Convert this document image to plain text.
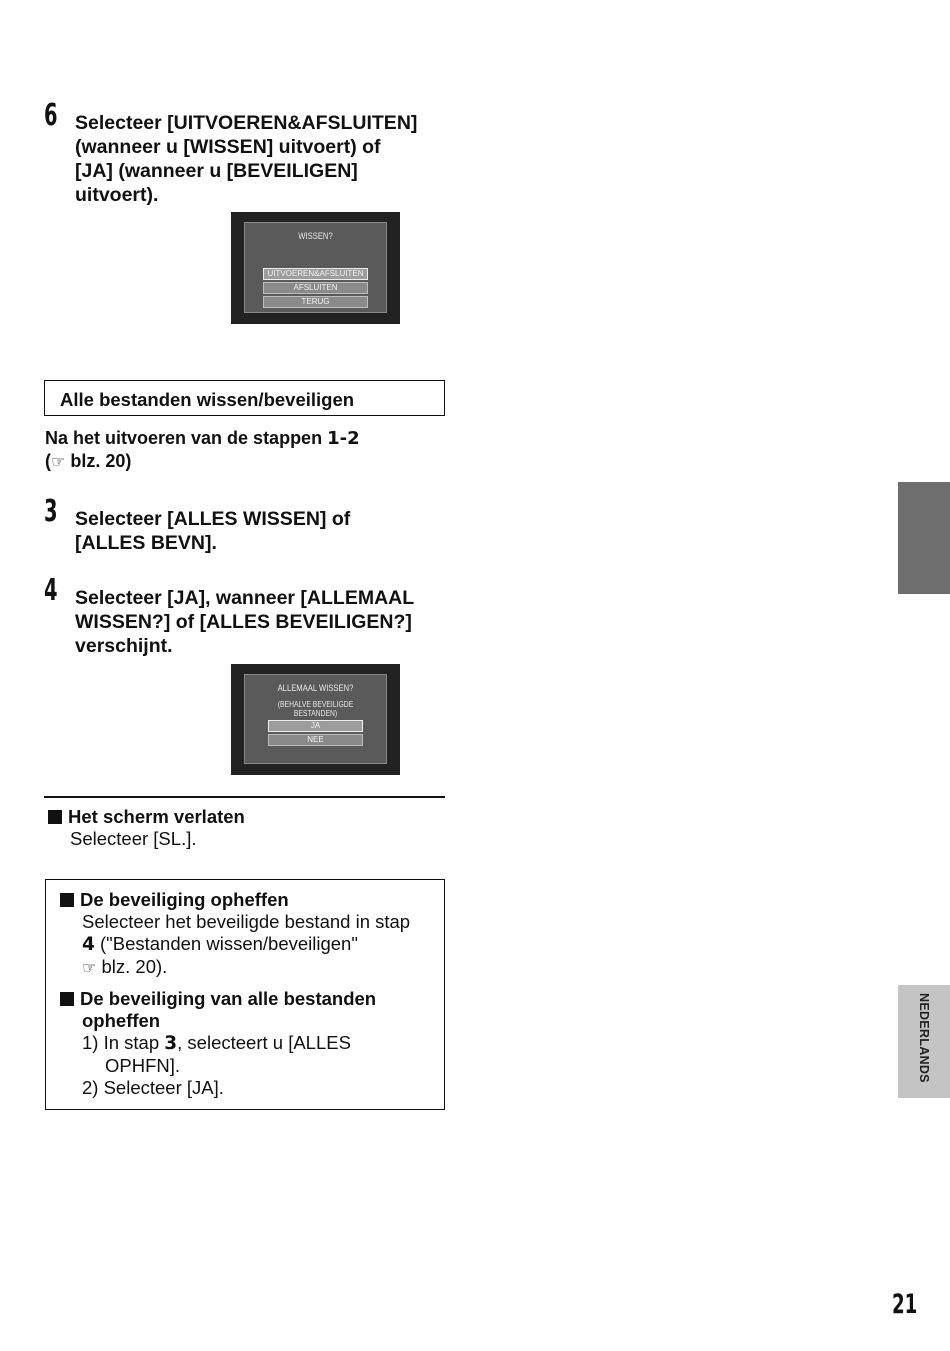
6 Selecteer [UITVOEREN&AFSLUITEN]
(wanneer u [WISSEN] uitvoert) of
[JA] (wanneer u [BEVEILIGEN]
uitvoert).
WISSEN?
UITVOEREN&AFSLUITEN
AFSLUITEN
TERUG
Alle bestanden wissen/beveiligen
Na het uitvoeren van de stappen 1-2
(☞ blz. 20)
3 Selecteer [ALLES WISSEN] of
[ALLES BEVN].
4 Selecteer [JA], wanneer [ALLEMAAL
WISSEN?] of [ALLES BEVEILIGEN?]
verschijnt.
ALLEMAAL WISSEN?
(BEHALVE BEVEILIGDE BESTANDEN)
JA
NEE
Het scherm verlaten
Selecteer [SL.].
De beveiliging opheffen
Selecteer het beveiligde bestand in stap
4 ("Bestanden wissen/beveiligen"
☞ blz. 20).
De beveiliging van alle bestanden
opheffen
1) In stap 3, selecteert u [ALLES
OPHFN].
2) Selecteer [JA].
NEDERLANDS
21
